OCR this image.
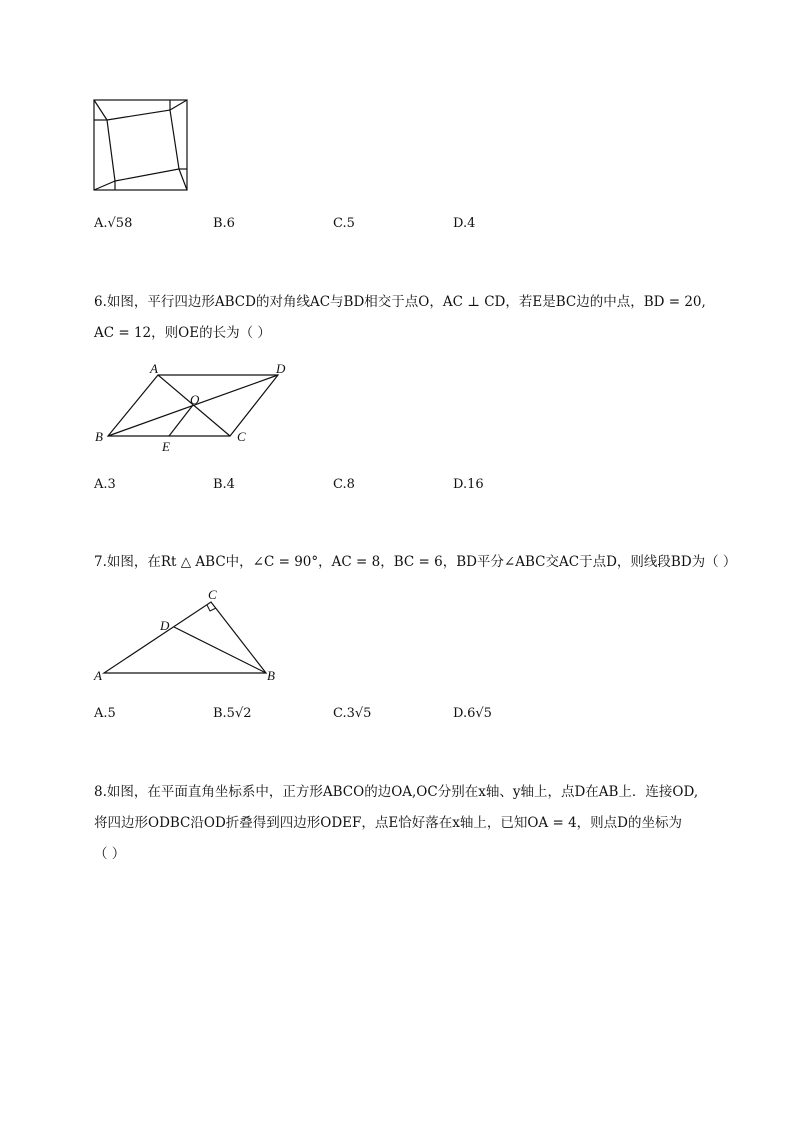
A.√58	B.6	C.5	D.4
6.如图，平行四边形ABCD的对角线AC与BD相交于点O，AC ⊥ CD，若E是BC边的中点，BD = 20,
AC = 12，则OE的长为（ ）
A	D
O
B	C
E
A.3	B.4	C.8	D.16
7.如图，在Rt △ ABC中，∠C = 90°，AC = 8，BC = 6，BD平分∠ABC交AC于点D，则线段BD为（ ）
C
D
A	B
A.5	B.5√2	C.3√5	D.6√5
8.如图，在平面直角坐标系中，正方形ABCO的边OA,OC分别在x轴、y轴上，点D在AB上．连接OD,
将四边形ODBC沿OD折叠得到四边形ODEF，点E恰好落在x轴上，已知OA = 4，则点D的坐标为
（ ）
